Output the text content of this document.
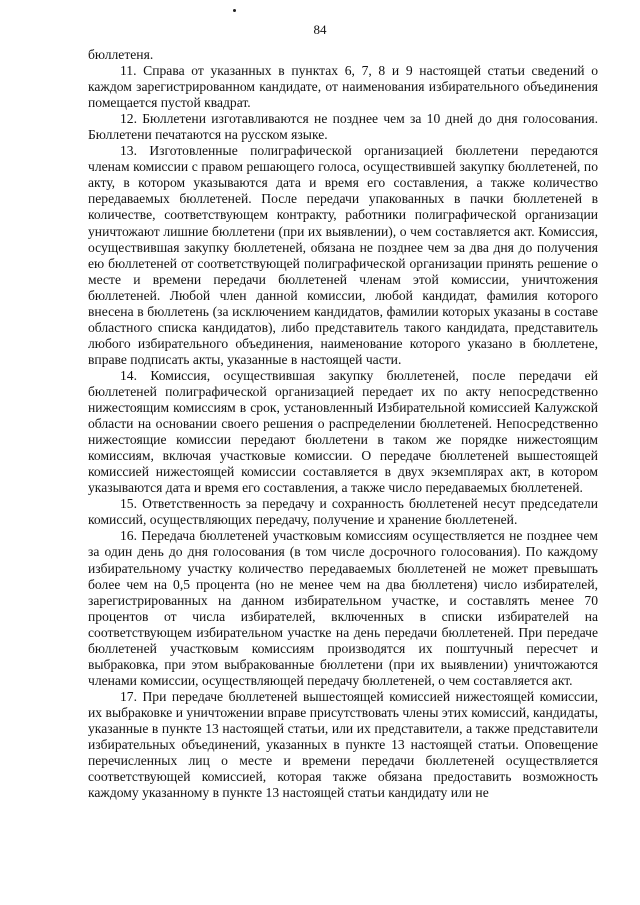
84

бюллетеня.

11. Справа от указанных в пунктах 6, 7, 8 и 9 настоящей статьи сведений о каждом зарегистрированном кандидате, от наименования избирательного объединения помещается пустой квадрат.

12. Бюллетени изготавливаются не позднее чем за 10 дней до дня голосования. Бюллетени печатаются на русском языке.

13. Изготовленные полиграфической организацией бюллетени передаются членам комиссии с правом решающего голоса, осуществившей закупку бюллетеней, по акту, в котором указываются дата и время его составления, а также количество передаваемых бюллетеней. После передачи упакованных в пачки бюллетеней в количестве, соответствующем контракту, работники полиграфической организации уничтожают лишние бюллетени (при их выявлении), о чем составляется акт. Комиссия, осуществившая закупку бюллетеней, обязана не позднее чем за два дня до получения ею бюллетеней от соответствующей полиграфической организации принять решение о месте и времени передачи бюллетеней членам этой комиссии, уничтожения бюллетеней. Любой член данной комиссии, любой кандидат, фамилия которого внесена в бюллетень (за исключением кандидатов, фамилии которых указаны в составе областного списка кандидатов), либо представитель такого кандидата, представитель любого избирательного объединения, наименование которого указано в бюллетене, вправе подписать акты, указанные в настоящей части.

14. Комиссия, осуществившая закупку бюллетеней, после передачи ей бюллетеней полиграфической организацией передает их по акту непосредственно нижестоящим комиссиям в срок, установленный Избирательной комиссией Калужской области на основании своего решения о распределении бюллетеней. Непосредственно нижестоящие комиссии передают бюллетени в таком же порядке нижестоящим комиссиям, включая участковые комиссии. О передаче бюллетеней вышестоящей комиссией нижестоящей комиссии составляется в двух экземплярах акт, в котором указываются дата и время его составления, а также число передаваемых бюллетеней.

15. Ответственность за передачу и сохранность бюллетеней несут председатели комиссий, осуществляющих передачу, получение и хранение бюллетеней.

16. Передача бюллетеней участковым комиссиям осуществляется не позднее чем за один день до дня голосования (в том числе досрочного голосования). По каждому избирательному участку количество передаваемых бюллетеней не может превышать более чем на 0,5 процента (но не менее чем на два бюллетеня) число избирателей, зарегистрированных на данном избирательном участке, и составлять менее 70 процентов от числа избирателей, включенных в списки избирателей на соответствующем избирательном участке на день передачи бюллетеней. При передаче бюллетеней участковым комиссиям производятся их поштучный пересчет и выбраковка, при этом выбракованные бюллетени (при их выявлении) уничтожаются членами комиссии, осуществляющей передачу бюллетеней, о чем составляется акт.

17. При передаче бюллетеней вышестоящей комиссией нижестоящей комиссии, их выбраковке и уничтожении вправе присутствовать члены этих комиссий, кандидаты, указанные в пункте 13 настоящей статьи, или их представители, а также представители избирательных объединений, указанных в пункте 13 настоящей статьи. Оповещение перечисленных лиц о месте и времени передачи бюллетеней осуществляется соответствующей комиссией, которая также обязана предоставить возможность каждому указанному в пункте 13 настоящей статьи кандидату или не
